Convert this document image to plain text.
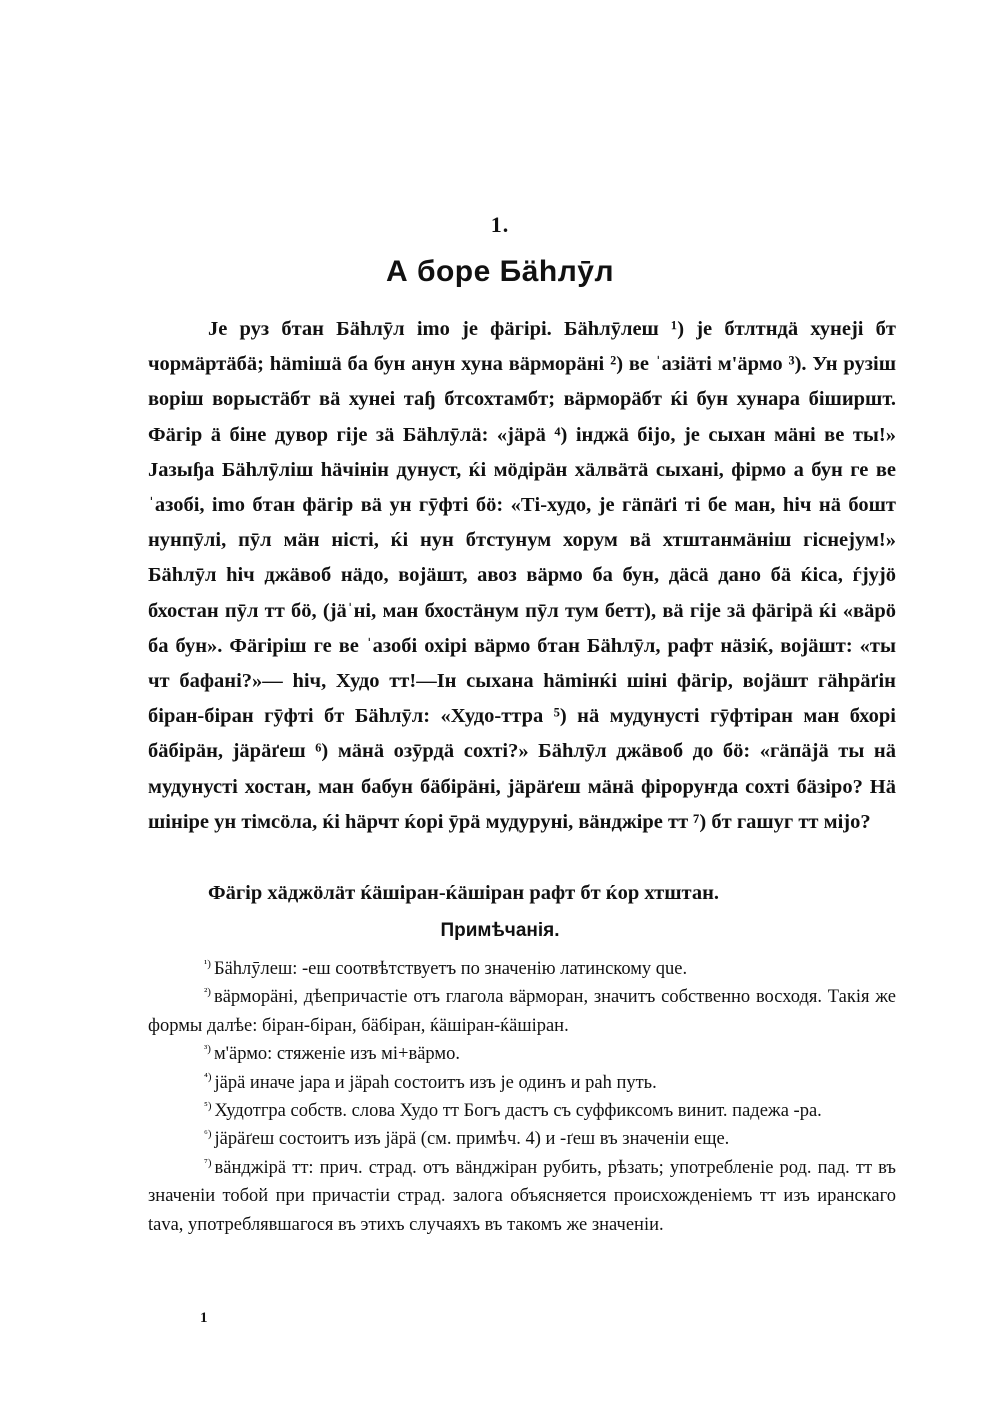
1.
А боре Бähлӯл

Je руз бтан Бähлӯл imo je фäгірі. Бähлӯлеш ¹) je бтлтндä хунеjі бт чормäртäбä; hämiшä ба бун анун хуна вäрморäні ²) ве ˈазіäті м'äрмо ³). Ун рузіш воріш ворыстäбт вä хунеі таɧ бтсохтамбт; вäрморäбт ќі бун хунара біширшт. Фäгір ä біне дувор гіjе зä Бähлӯлä: «jäрä ⁴) інджä біjо, je сыхан мäні ве ты!» Јазыɧа Бähлӯліш häчінін дунуст, ќі мöдірäн хäлвäтä сыхані, фірмо а бун ге ве ˈазобі, imo бтан фäгір вä ун гӯфті бö: «Ті-худо, je гäпäґі ті бе ман, hiч нä бошт нунпӯлі, пӯл мäн ністі, ќі нун бтстунум хорум вä хтштанмäніш гіснеjум!» Бähлӯл hiч джäвоб нäдо, воjäшт, авоз вäрмо ба бун, дäсä дано бä ќіса, ѓjуjö бхостан пӯл тт бö, (jäˈні, ман бхостäнум пӯл тум бетт), вä гіjе зä фäгірä ќі «вäрö ба бун». Фäгіріш ге ве ˈазобі охірі вäрмо бтан Бähлӯл, рафт нäзіќ, воjäшт: «ты чт бафанi?»— hiч, Худо тт!—Ін сыхана hämiнќі шіні фäгір, воjäшт гähрäґін біран-біран гӯфті бт Бähлӯл: «Худо-ттра ⁵) нä мудунусті гӯфтіран ман бхорі бäбірäн, jäрäґеш ⁶) мäнä озӯрдä сохті?» Бähлӯл джäвоб дo бö: «гäпäjä ты нä мудунусті хостан, ман бабун бäбірäні, jäрäґеш мäнä фіроруҥда сохті бäзіро? Нä шініре ун тімсöлa, ќі häрчт ќорі ӯрä мудуруні, вäнджіре тт ⁷) бт гашуг тт мiјо?

Фäгір хäджöлäт ќäшіран-ќäшіран рафт бт ќор хтштан.

Примѣчанія.
$^{^1)}$ Бähлӯлеш: -еш соотвѣтствуетъ по значенію латинскому que.
$^{^2)}$ вäрморäні, дѣепричастіе отъ глагола вäрморан, значитъ собственно восходя. Такія же формы далѣе: біран-біран, бäбіран, ќäшіран-ќäшіран.
$^{^3)}$ м'äрмо: стяженіе изъ мі+вäрмо.
$^{^4)}$ jäрä иначе jара и jäраh состоитъ изъ je одинъ и раh путь.
$^{^5)}$ Худотгра собств. слова Худо тт Богъ дастъ съ суффиксомъ винит. падежа -ра.
$^{^6)}$ jäрäґеш состоитъ изъ jäрä (см. примѣч. 4) и -ґеш въ значеніи еще.
$^{^7)}$ вäнджірä тт: прич. страд. отъ вäнджіран рубить, рѣзать; употребленіе род. пад. тт въ значеніи тобой при причастіи страд. залога объясняется происхожденіемъ тт изъ иранскаго tava, употреблявшагося въ этихъ случаяхъ въ такомъ же значеніи.
1
